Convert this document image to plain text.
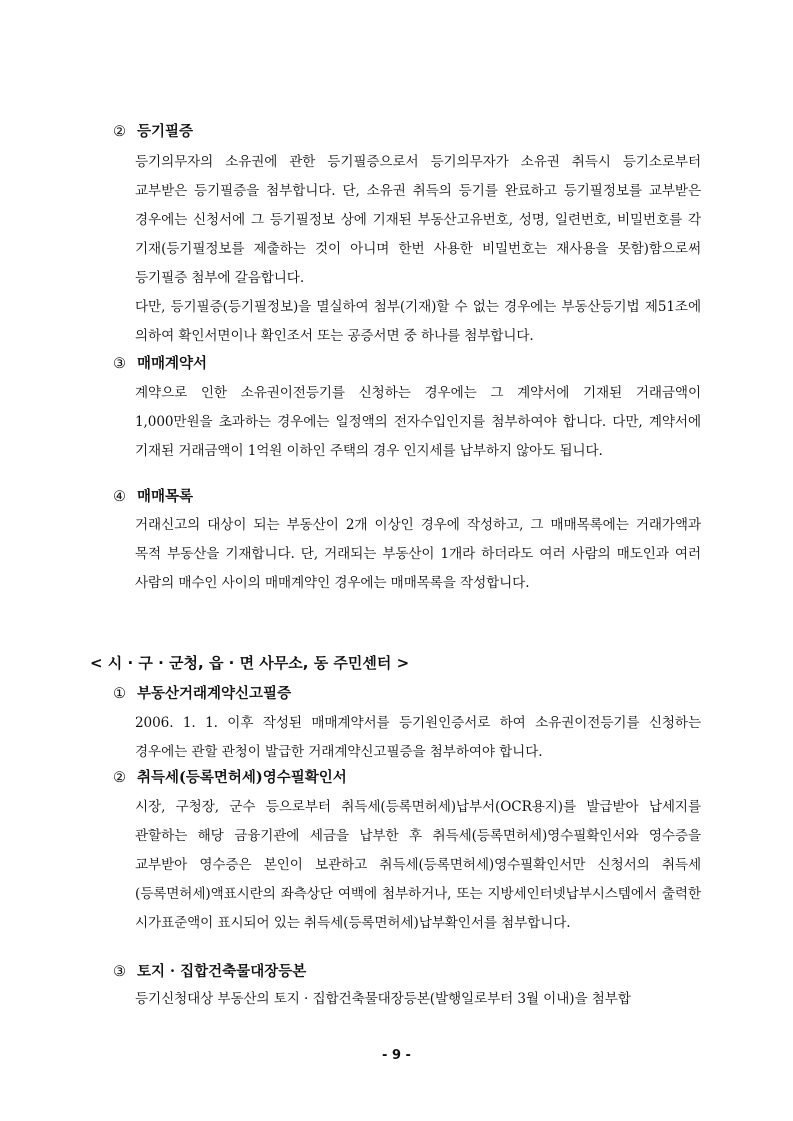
② 등기필증
등기의무자의 소유권에 관한 등기필증으로서 등기의무자가 소유권 취득시 등기소로부터 교부받은 등기필증을 첨부합니다. 단, 소유권 취득의 등기를 완료하고 등기필정보를 교부받은 경우에는 신청서에 그 등기필정보 상에 기재된 부동산고유번호, 성명, 일련번호, 비밀번호를 각 기재(등기필정보를 제출하는 것이 아니며 한번 사용한 비밀번호는 재사용을 못함)함으로써 등기필증 첨부에 갈음합니다.
다만, 등기필증(등기필정보)을 멸실하여 첨부(기재)할 수 없는 경우에는 부동산등기법 제51조에 의하여 확인서면이나 확인조서 또는 공증서면 중 하나를 첨부합니다.
③ 매매계약서
계약으로 인한 소유권이전등기를 신청하는 경우에는 그 계약서에 기재된 거래금액이 1,000만원을 초과하는 경우에는 일정액의 전자수입인지를 첨부하여야 합니다. 다만, 계약서에 기재된 거래금액이 1억원 이하인 주택의 경우 인지세를 납부하지 않아도 됩니다.
④ 매매목록
거래신고의 대상이 되는 부동산이 2개 이상인 경우에 작성하고, 그 매매목록에는 거래가액과 목적 부동산을 기재합니다. 단, 거래되는 부동산이 1개라 하더라도 여러 사람의 매도인과 여러 사람의 매수인 사이의 매매계약인 경우에는 매매목록을 작성합니다.
< 시 · 구 · 군청, 읍 · 면 사무소, 동 주민센터 >
① 부동산거래계약신고필증
2006. 1. 1. 이후 작성된 매매계약서를 등기원인증서로 하여 소유권이전등기를 신청하는 경우에는 관할 관청이 발급한 거래계약신고필증을 첨부하여야 합니다.
② 취득세(등록면허세)영수필확인서
시장, 구청장, 군수 등으로부터 취득세(등록면허세)납부서(OCR용지)를 발급받아 납세지를 관할하는 해당 금융기관에 세금을 납부한 후 취득세(등록면허세)영수필확인서와 영수증을 교부받아 영수증은 본인이 보관하고 취득세(등록면허세)영수필확인서만 신청서의 취득세(등록면허세)액표시란의 좌측상단 여백에 첨부하거나, 또는 지방세인터넷납부시스템에서 출력한 시가표준액이 표시되어 있는 취득세(등록면허세)납부확인서를 첨부합니다.
③ 토지 · 집합건축물대장등본
등기신청대상 부동산의 토지 · 집합건축물대장등본(발행일로부터 3월 이내)을 첨부합
- 9 -
